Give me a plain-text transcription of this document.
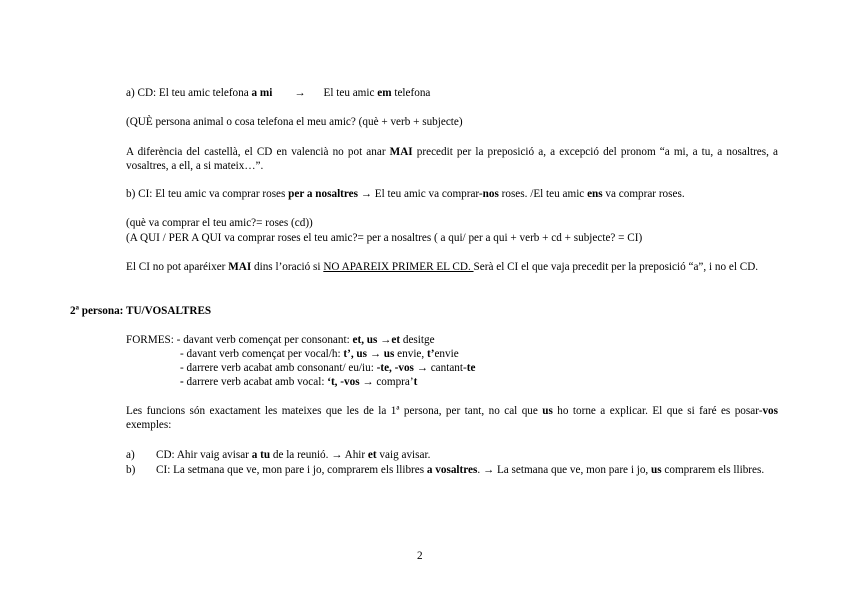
a) CD: El teu amic telefona a mi → El teu amic em telefona
(QUÈ persona animal o cosa telefona el meu amic? (què + verb + subjecte)
A diferència del castellà, el CD en valencià no pot anar MAI precedit per la preposició a, a excepció del pronom “a mi, a tu, a nosaltres, a vosaltres, a ell, a si mateix…”.
b) CI: El teu amic va comprar roses per a nosaltres → El teu amic va comprar-nos roses. /El teu amic ens va comprar roses.
(què va comprar el teu amic?= roses (cd))
(A QUI / PER A QUI va comprar roses el teu amic?= per a nosaltres ( a qui/ per a qui + verb + cd + subjecte? = CI)
El CI no pot aparéixer MAI dins l’oració si NO APAREIX PRIMER EL CD. Serà el CI el que vaja precedit per la preposició “a”, i no el CD.
2ª persona: TU/VOSALTRES
FORMES: - davant verb començat per consonant: et, us →et desitge
- davant verb començat per vocal/h: t’, us → us envie, t’envie
- darrere verb acabat amb consonant/ eu/iu: -te, -vos → cantant-te
- darrere verb acabat amb vocal: ‘t, -vos → compra’t
Les funcions són exactament les mateixes que les de la 1ª persona, per tant, no cal que us ho torne a explicar. El que si faré es posar-vos exemples:
a) CD: Ahir vaig avisar a tu de la reunió. → Ahir et vaig avisar.
b) CI: La setmana que ve, mon pare i jo, comprarem els llibres a vosaltres. → La setmana que ve, mon pare i jo, us comprarem els llibres.
2
